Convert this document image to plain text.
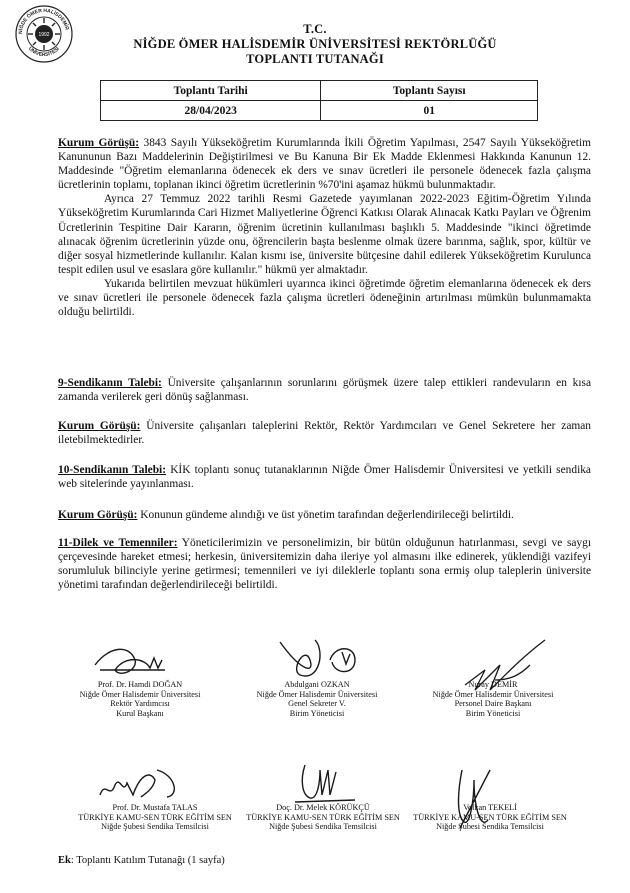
NİĞDE ÖMER HALİSDEMİR
ÜNİVERSİTESİ
1992	T.C.
NİĞDE ÖMER HALİSDEMİR ÜNİVERSİTESİ REKTÖRLÜĞÜ
TOPLANTI TUTANAĞI
Toplantı Tarihi	Toplantı Sayısı
28/04/2023	01

Kurum Görüşü: 3843 Sayılı Yükseköğretim Kurumlarında İkili Öğretim Yapılması, 2547 Sayılı Yükseköğretim Kanununun Bazı Maddelerinin Değiştirilmesi ve Bu Kanuna Bir Ek Madde Eklenmesi Hakkında Kanunun 12. Maddesinde "Öğretim elemanlarına ödenecek ek ders ve sınav ücretleri ile personele ödenecek fazla çalışma ücretlerinin toplamı, toplanan ikinci öğretim ücretlerinin %70'ini aşamaz hükmü bulunmaktadır.

Ayrıca 27 Temmuz 2022 tarihli Resmi Gazetede yayımlanan 2022-2023 Eğitim-Öğretim Yılında Yükseköğretim Kurumlarında Cari Hizmet Maliyetlerine Öğrenci Katkısı Olarak Alınacak Katkı Payları ve Öğrenim Ücretlerinin Tespitine Dair Kararın, öğrenim ücretinin kullanılması başlıklı 5. Maddesinde "ikinci öğretimde alınacak öğrenim ücretlerinin yüzde onu, öğrencilerin başta beslenme olmak üzere barınma, sağlık, spor, kültür ve diğer sosyal hizmetlerinde kullanılır. Kalan kısmı ise, üniversite bütçesine dahil edilerek Yükseköğretim Kurulunca tespit edilen usul ve esaslara göre kullanılır." hükmü yer almaktadır.

Yukarıda belirtilen mevzuat hükümleri uyarınca ikinci öğretimde öğretim elemanlarına ödenecek ek ders ve sınav ücretleri ile personele ödenecek fazla çalışma ücretleri ödeneğinin artırılması mümkün bulunmamakta olduğu belirtildi.

9-Sendikanın Talebi: Üniversite çalışanlarının sorunlarını görüşmek üzere talep ettikleri randevuların en kısa zamanda verilerek geri dönüş sağlanması.

Kurum Görüşü: Üniversite çalışanları taleplerini Rektör, Rektör Yardımcıları ve Genel Sekretere her zaman iletebilmektedirler.

10-Sendikanın Talebi: KİK toplantı sonuç tutanaklarının Niğde Ömer Halisdemir Üniversitesi ve yetkili sendika web sitelerinde yayınlanması.

Kurum Görüşü: Konunun gündeme alındığı ve üst yönetim tarafından değerlendirileceği belirtildi.

11-Dilek ve Temenniler: Yöneticilerimizin ve personelimizin, bir bütün olduğunun hatırlanması, sevgi ve saygı çerçevesinde hareket etmesi; herkesin, üniversitemizin daha ileriye yol almasını ilke edinerek, yüklendiği vazifeyi sorumluluk bilinciyle yerine getirmesi; temennileri ve iyi dileklerle toplantı sona ermiş olup taleplerin üniversite yönetimi tarafından değerlendirileceği belirtildi.

Prof. Dr. Hamdi DOĞAN
Niğde Ömer Halisdemir Üniversitesi
Rektör Yardımcısı
Kurul Başkanı
Abdulgani OZKAN
Niğde Ömer Halisdemir Üniversitesi
Genel Sekreter V.
Birim Yöneticisi
Nuray DEMİR
Niğde Ömer Halisdemir Üniversitesi
Personel Daire Başkanı
Birim Yöneticisi
Prof. Dr. Mustafa TALAS
TÜRKİYE KAMU-SEN TÜRK EĞİTİM SEN
Niğde Şubesi Sendika Temsilcisi
Doç. Dr. Melek KÖRÜKÇÜ
TÜRKİYE KAMU-SEN TÜRK EĞİTİM SEN
Niğde Şubesi Sendika Temsilcisi
Volkan TEKELİ
TÜRKİYE KAMU-SEN TÜRK EĞİTİM SEN
Niğde Şubesi Sendika Temsilcisi
Ek: Toplantı Katılım Tutanağı (1 sayfa)
